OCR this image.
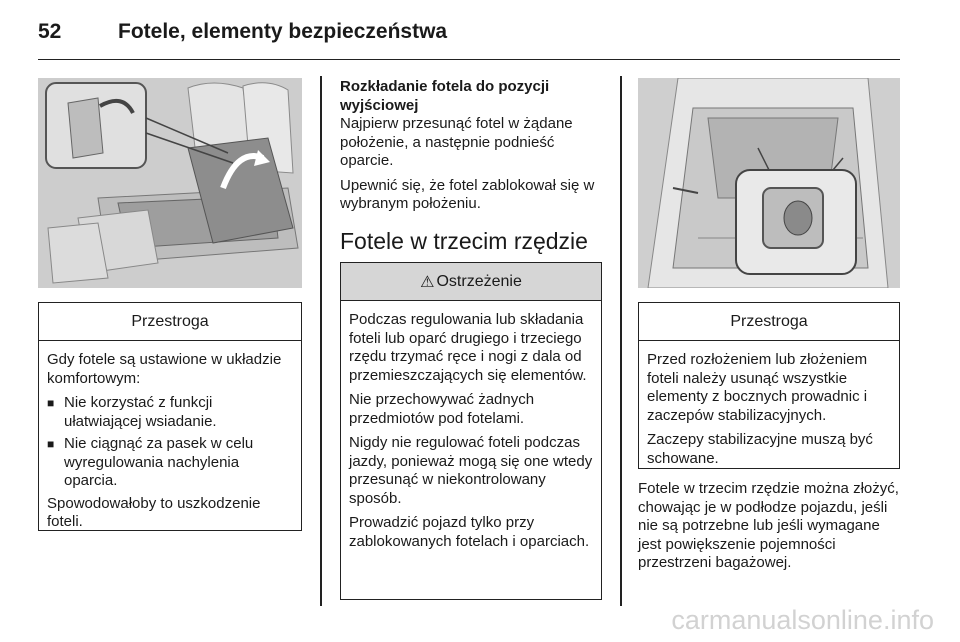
52	Fotele, elementy bezpieczeństwa
Przestroga

Gdy fotele są ustawione w układzie komfortowym:

■ Nie korzystać z funkcji ułatwiającej wsiadanie.
■ Nie ciągnąć za pasek w celu wyregulowania nachylenia oparcia.

Spowodowałoby to uszkodzenie foteli.

Rozkładanie fotela do pozycji wyjściowej

Najpierw przesunąć fotel w żądane położenie, a następnie podnieść oparcie.

Upewnić się, że fotel zablokował się w wybranym położeniu.

Fotele w trzecim rzędzie
⚠ Ostrzeżenie

Podczas regulowania lub składania foteli lub oparć drugiego i trzeciego rzędu trzymać ręce i nogi z dala od przemieszczających się elementów.

Nie przechowywać żadnych przedmiotów pod fotelami.

Nigdy nie regulować foteli podczas jazdy, ponieważ mogą się one wtedy przesunąć w niekontrolowany sposób.

Prowadzić pojazd tylko przy zablokowanych fotelach i oparciach.

Przestroga

Przed rozłożeniem lub złożeniem foteli należy usunąć wszystkie elementy z bocznych prowadnic i zaczepów stabilizacyjnych.

Zaczepy stabilizacyjne muszą być schowane.

Fotele w trzecim rzędzie można złożyć, chowając je w podłodze pojazdu, jeśli nie są potrzebne lub jeśli wymagane jest powiększenie pojemności przestrzeni bagażowej.
carmanualsonline.info
